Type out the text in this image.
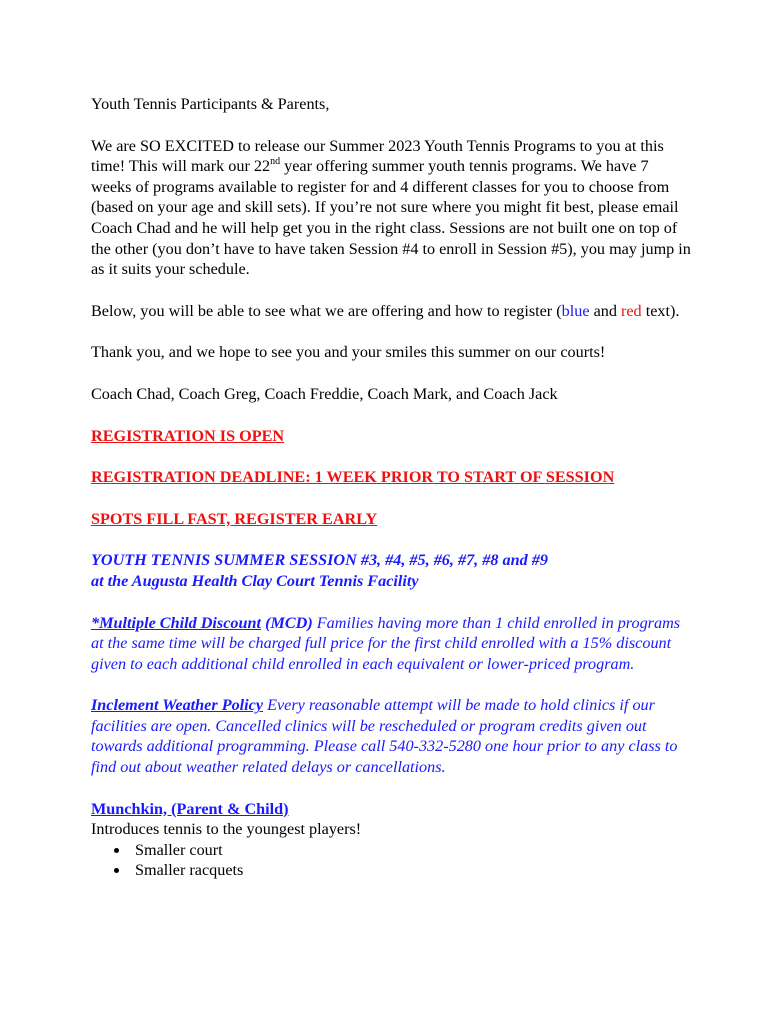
Youth Tennis Participants & Parents,

We are SO EXCITED to release our Summer 2023 Youth Tennis Programs to you at this time! This will mark our 22nd year offering summer youth tennis programs. We have 7 weeks of programs available to register for and 4 different classes for you to choose from (based on your age and skill sets). If you’re not sure where you might fit best, please email Coach Chad and he will help get you in the right class. Sessions are not built one on top of the other (you don’t have to have taken Session #4 to enroll in Session #5), you may jump in as it suits your schedule.

Below, you will be able to see what we are offering and how to register (blue and red text).

Thank you, and we hope to see you and your smiles this summer on our courts!

Coach Chad, Coach Greg, Coach Freddie, Coach Mark, and Coach Jack

REGISTRATION IS OPEN

REGISTRATION DEADLINE: 1 WEEK PRIOR TO START OF SESSION

SPOTS FILL FAST, REGISTER EARLY

YOUTH TENNIS SUMMER SESSION #3, #4, #5, #6, #7, #8 and #9
at the Augusta Health Clay Court Tennis Facility

*Multiple Child Discount (MCD) Families having more than 1 child enrolled in programs at the same time will be charged full price for the first child enrolled with a 15% discount given to each additional child enrolled in each equivalent or lower-priced program.

Inclement Weather Policy Every reasonable attempt will be made to hold clinics if our facilities are open. Cancelled clinics will be rescheduled or program credits given out towards additional programming. Please call 540-332-5280 one hour prior to any class to find out about weather related delays or cancellations.

Munchkin, (Parent & Child)
Introduces tennis to the youngest players!
Smaller court
Smaller racquets
